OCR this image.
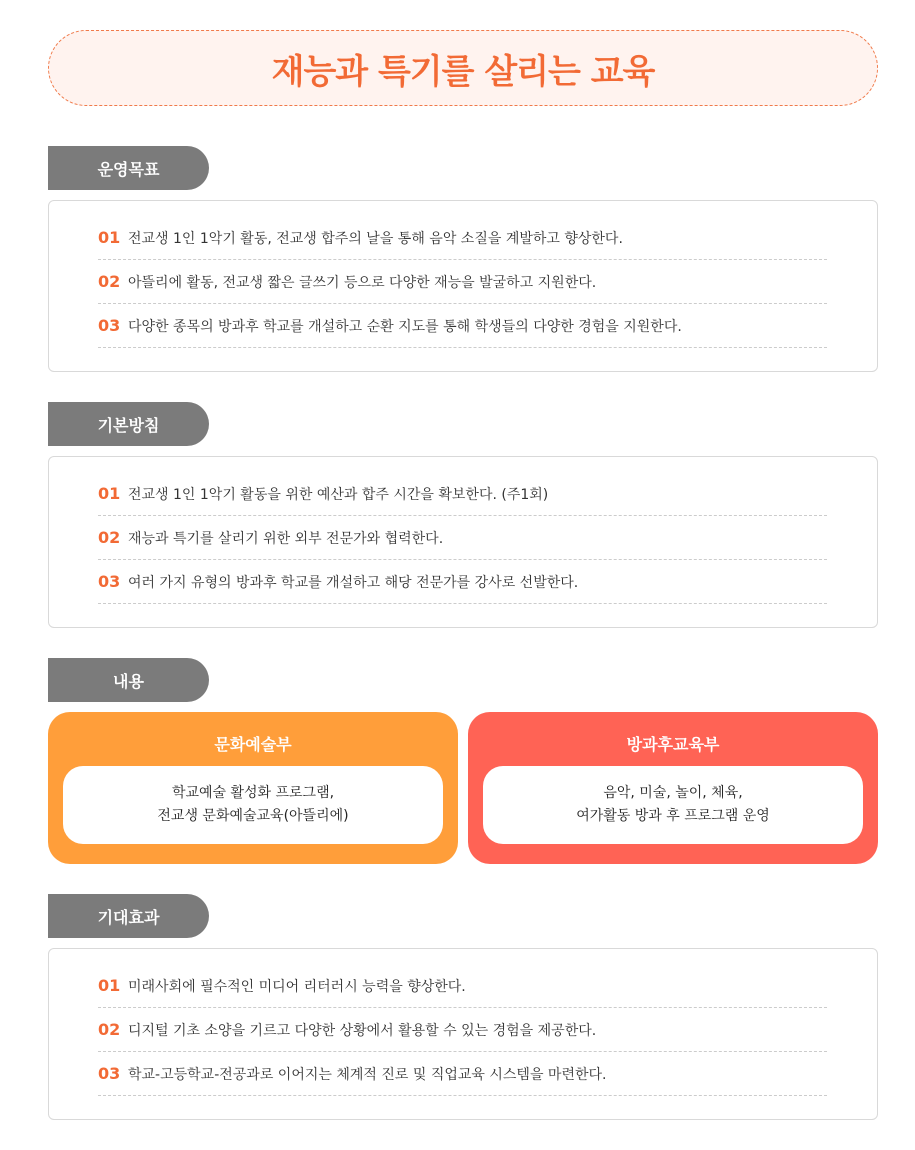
재능과 특기를 살리는 교육
운영목표
01 전교생 1인 1악기 활동, 전교생 합주의 날을 통해 음악 소질을 계발하고 향상한다.
02 아뜰리에 활동, 전교생 짧은 글쓰기 등으로 다양한 재능을 발굴하고 지원한다.
03 다양한 종목의 방과후 학교를 개설하고 순환 지도를 통해 학생들의 다양한 경험을 지원한다.
기본방침
01 전교생 1인 1악기 활동을 위한 예산과 합주 시간을 확보한다. (주1회)
02 재능과 특기를 살리기 위한 외부 전문가와 협력한다.
03 여러 가지 유형의 방과후 학교를 개설하고 해당 전문가를 강사로 선발한다.
내용
문화예술부
학교예술 활성화 프로그램,
전교생 문화예술교육(아뜰리에)
방과후교육부
음악, 미술, 놀이, 체육,
여가활동 방과 후 프로그램 운영
기대효과
01 미래사회에 필수적인 미디어 리터러시 능력을 향상한다.
02 디지털 기초 소양을 기르고 다양한 상황에서 활용할 수 있는 경험을 제공한다.
03 학교-고등학교-전공과로 이어지는 체계적 진로 및 직업교육 시스템을 마련한다.
